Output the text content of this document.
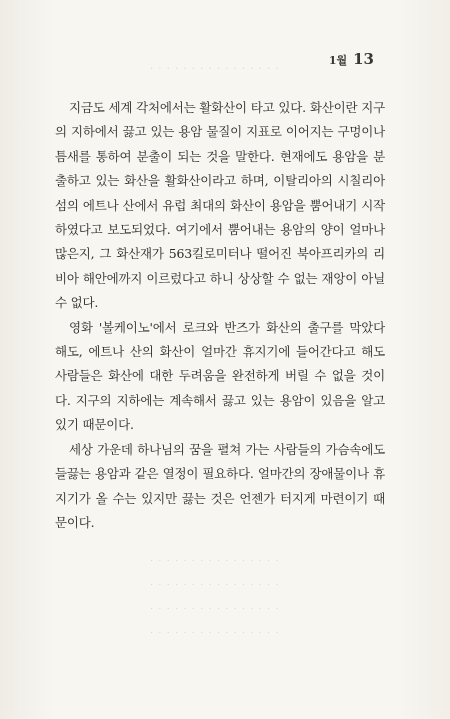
1월 13
· · · · · · · · · · · · · · · ·
· · · · · · · · · · · · · · · ·
· · · · · · · · · · · · · · · ·
· · · · · · · · · · · · · · · ·
· · · · · · · · · · · · · · · ·

지금도 세계 각처에서는 활화산이 타고 있다. 화산이란 지구의 지하에서 끓고 있는 용암 물질이 지표로 이어지는 구멍이나 틈새를 통하여 분출이 되는 것을 말한다. 현재에도 용암을 분출하고 있는 화산을 활화산이라고 하며, 이탈리아의 시칠리아 섬의 에트나 산에서 유럽 최대의 화산이 용암을 뿜어내기 시작하였다고 보도되었다. 여기에서 뿜어내는 용암의 양이 얼마나 많은지, 그 화산재가 563킬로미터나 떨어진 북아프리카의 리비아 해안에까지 이르렀다고 하니 상상할 수 없는 재앙이 아닐 수 없다.

영화 '볼케이노'에서 로크와 반즈가 화산의 출구를 막았다 해도, 에트나 산의 화산이 얼마간 휴지기에 들어간다고 해도 사람들은 화산에 대한 두려움을 완전하게 버릴 수 없을 것이다. 지구의 지하에는 계속해서 끓고 있는 용암이 있음을 알고 있기 때문이다.

세상 가운데 하나님의 꿈을 펼쳐 가는 사람들의 가슴속에도 들끓는 용암과 같은 열정이 필요하다. 얼마간의 장애물이나 휴지기가 올 수는 있지만 끓는 것은 언젠가 터지게 마련이기 때문이다.
